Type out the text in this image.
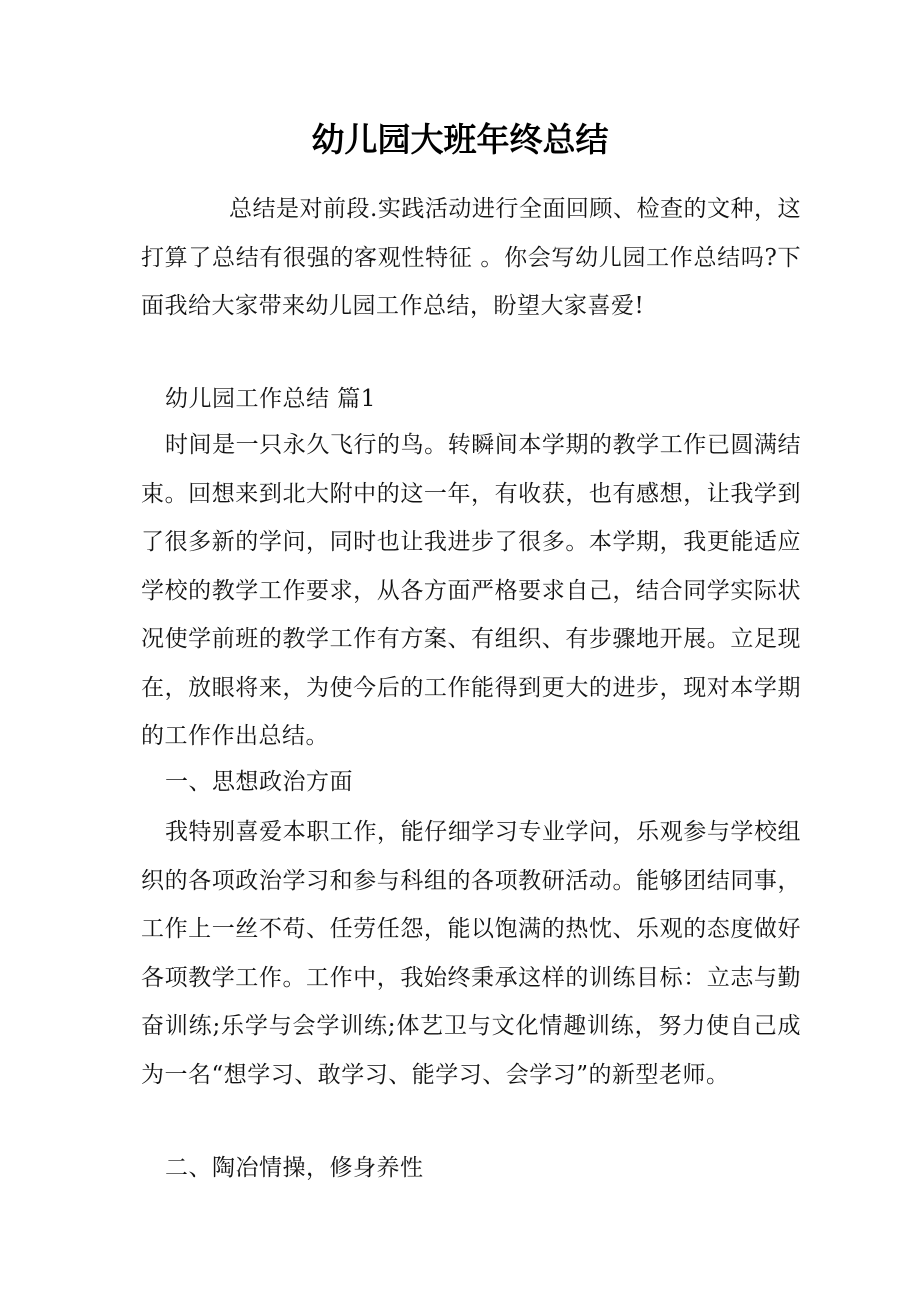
幼儿园大班年终总结

总结是对前段.实践活动进行全面回顾、检查的文种，这打算了总结有很强的客观性特征 。你会写幼儿园工作总结吗?下面我给大家带来幼儿园工作总结，盼望大家喜爱!

幼儿园工作总结 篇1

时间是一只永久飞行的鸟。转瞬间本学期的教学工作已圆满结束。回想来到北大附中的这一年，有收获，也有感想，让我学到了很多新的学问，同时也让我进步了很多。本学期，我更能适应学校的教学工作要求，从各方面严格要求自己，结合同学实际状况使学前班的教学工作有方案、有组织、有步骤地开展。立足现在，放眼将来，为使今后的工作能得到更大的进步，现对本学期的工作作出总结。

一、思想政治方面

我特别喜爱本职工作，能仔细学习专业学问，乐观参与学校组织的各项政治学习和参与科组的各项教研活动。能够团结同事，工作上一丝不苟、任劳任怨，能以饱满的热忱、乐观的态度做好各项教学工作。工作中，我始终秉承这样的训练目标：立志与勤奋训练;乐学与会学训练;体艺卫与文化情趣训练，努力使自己成为一名“想学习、敢学习、能学习、会学习”的新型老师。

二、陶冶情操，修身养性
